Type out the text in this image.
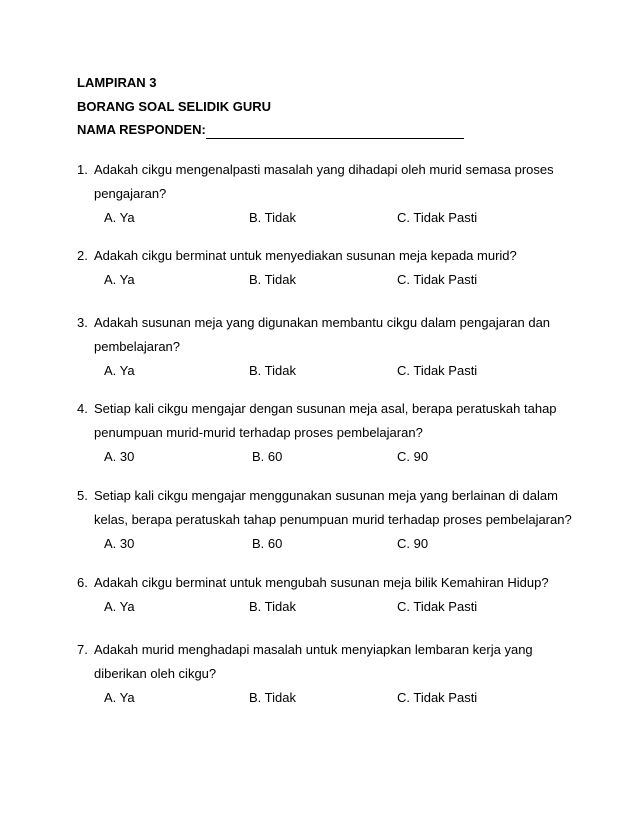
LAMPIRAN 3
BORANG SOAL SELIDIK GURU
NAMA RESPONDEN:
1. Adakah cikgu mengenalpasti masalah yang dihadapi oleh murid semasa proses
pengajaran?
A. Ya	B. Tidak	C. Tidak Pasti
2. Adakah cikgu berminat untuk menyediakan susunan meja kepada murid?
A. Ya	B. Tidak	C. Tidak Pasti
3. Adakah susunan meja yang digunakan membantu cikgu dalam pengajaran dan
pembelajaran?
A. Ya	B. Tidak	C. Tidak Pasti
4. Setiap kali cikgu mengajar dengan susunan meja asal, berapa peratuskah tahap
penumpuan murid-murid terhadap proses pembelajaran?
A. 30	B. 60	C. 90
5. Setiap kali cikgu mengajar menggunakan susunan meja yang berlainan di dalam
kelas, berapa peratuskah tahap penumpuan murid terhadap proses pembelajaran?
A. 30	B. 60	C. 90
6. Adakah cikgu berminat untuk mengubah susunan meja bilik Kemahiran Hidup?
A. Ya	B. Tidak	C. Tidak Pasti
7. Adakah murid menghadapi masalah untuk menyiapkan lembaran kerja yang
diberikan oleh cikgu?
A. Ya	B. Tidak	C. Tidak Pasti
